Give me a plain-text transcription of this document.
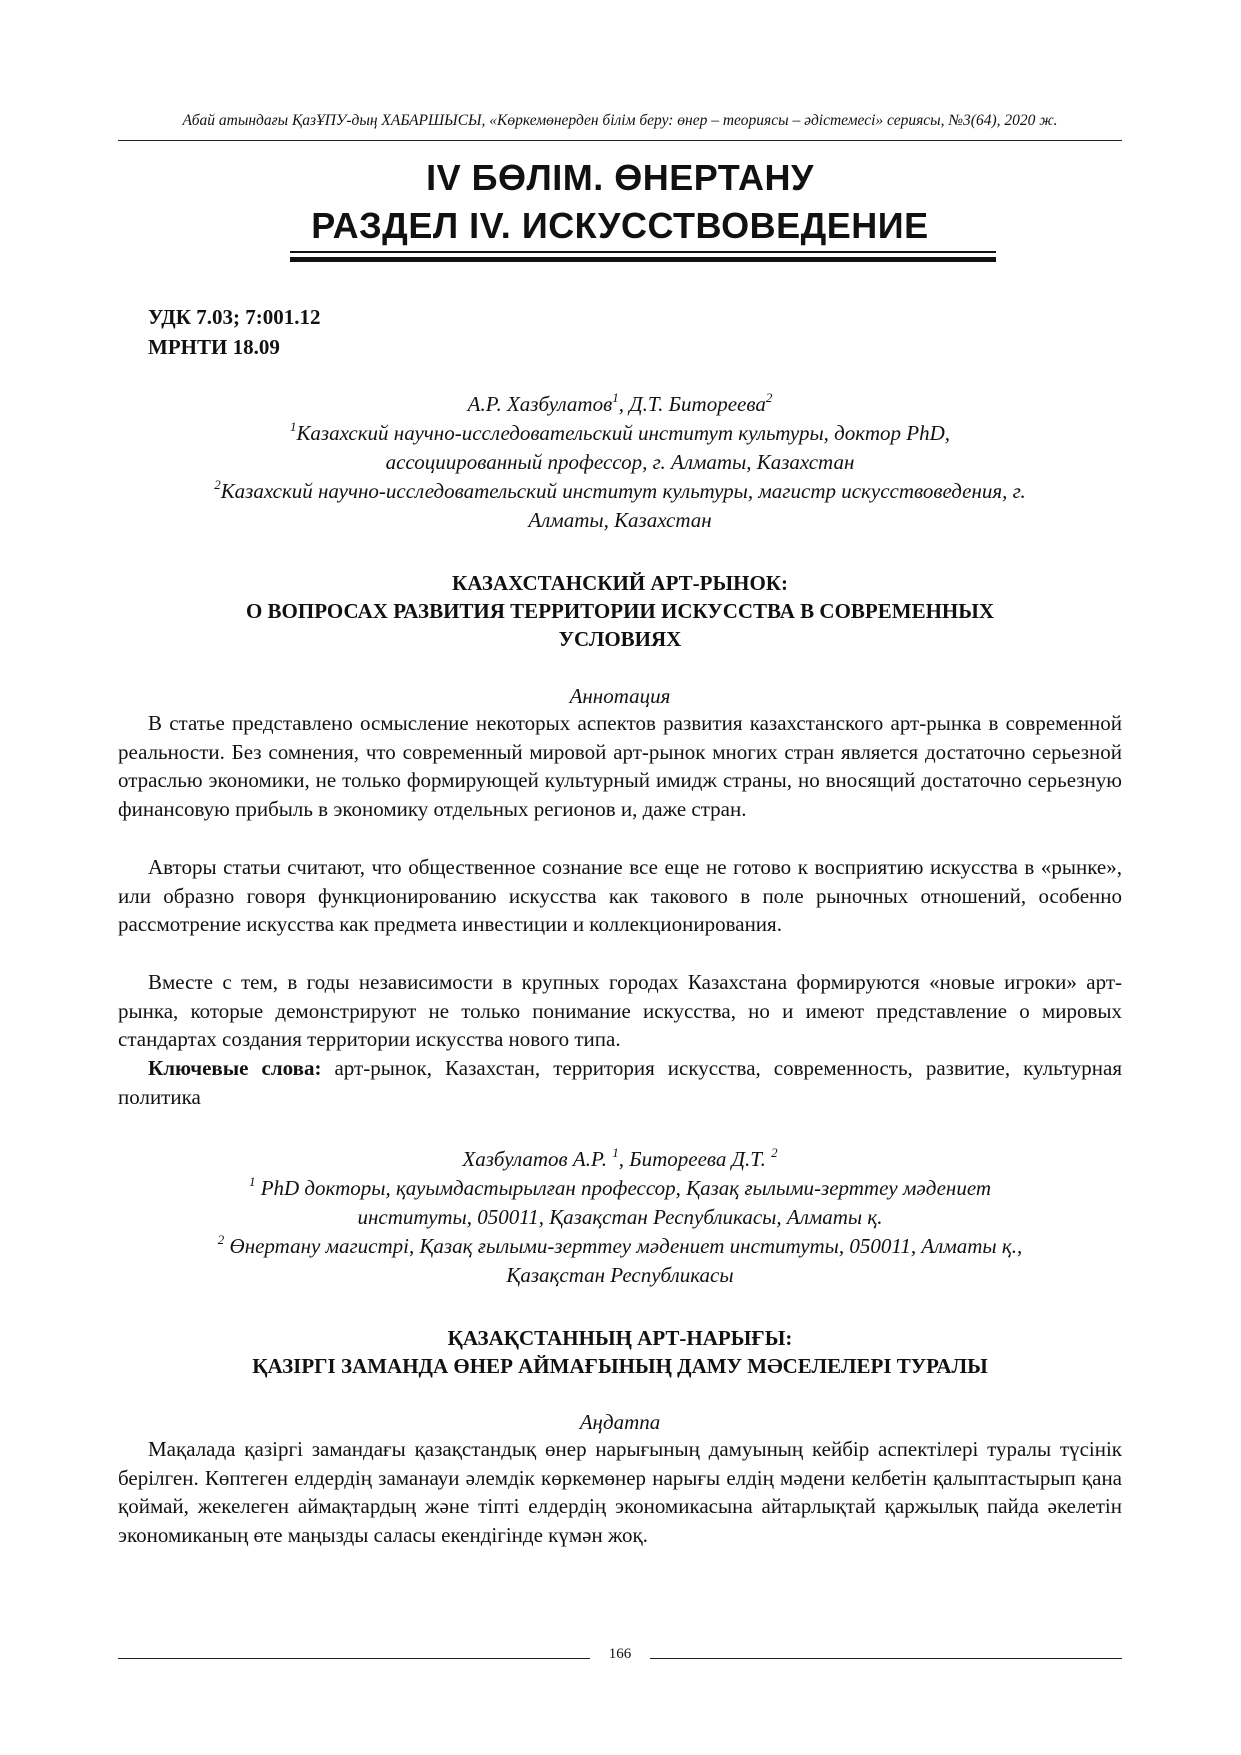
Абай атындағы ҚазҰПУ-дың ХАБАРШЫСЫ, «Көркемөнерден білім беру: өнер – теориясы – әдістемесі» сериясы, №3(64), 2020 ж.
IV БӨЛІМ. ӨНЕРТАНУ
РАЗДЕЛ IV. ИСКУССТВОВЕДЕНИЕ
УДК 7.03; 7:001.12
МРНТИ 18.09
А.Р. Хазбулатов$^1$, Д.Т. Битореева$^2$
$^1$Казахский научно-исследовательский институт культуры, доктор PhD,
ассоциированный профессор, г. Алматы, Казахстан
$^2$Казахский научно-исследовательский институт культуры, магистр искусствоведения, г.
Алматы, Казахстан
КАЗАХСТАНСКИЙ АРТ-РЫНОК:
О ВОПРОСАХ РАЗВИТИЯ ТЕРРИТОРИИ ИСКУССТВА В СОВРЕМЕННЫХ
УСЛОВИЯХ
Аннотация

В статье представлено осмысление некоторых аспектов развития казахстанского арт-рынка в современной реальности. Без сомнения, что современный мировой арт-рынок многих стран является достаточно серьезной отраслью экономики, не только формирующей культурный имидж страны, но вносящий достаточно серьезную финансовую прибыль в экономику отдельных регионов и, даже стран.

Авторы статьи считают, что общественное сознание все еще не готово к восприятию искусства в «рынке», или образно говоря функционированию искусства как такового в поле рыночных отношений, особенно рассмотрение искусства как предмета инвестиции и коллекционирования.

Вместе с тем, в годы независимости в крупных городах Казахстана формируются «новые игроки» арт-рынка, которые демонстрируют не только понимание искусства, но и имеют представление о мировых стандартах создания территории искусства нового типа.

Ключевые слова: арт-рынок, Казахстан, территория искусства, современность, развитие, культурная политика

Хазбулатов А.Р. $^1$, Битореева Д.Т. $^2$
$^1$ PhD докторы, қауымдастырылған профессор, Қазақ ғылыми-зерттеу мәдениет
институты, 050011, Қазақстан Республикасы, Алматы қ.
$^2$ Өнертану магистрі, Қазақ ғылыми-зерттеу мәдениет институты, 050011, Алматы қ.,
Қазақстан Республикасы
ҚАЗАҚСТАННЫҢ АРТ-НАРЫҒЫ:
ҚАЗІРГІ ЗАМАНДА ӨНЕР АЙМАҒЫНЫҢ ДАМУ МӘСЕЛЕЛЕРІ ТУРАЛЫ
Аңдатпа

Мақалада қазіргі замандағы қазақстандық өнер нарығының дамуының кейбір аспектілері туралы түсінік берілген. Көптеген елдердің заманауи әлемдік көркемөнер нарығы елдің мәдени келбетін қалыптастырып қана қоймай, жекелеген аймақтардың және тіпті елдердің экономикасына айтарлықтай қаржылық пайда әкелетін экономиканың өте маңызды саласы екендігінде күмән жоқ.

166
